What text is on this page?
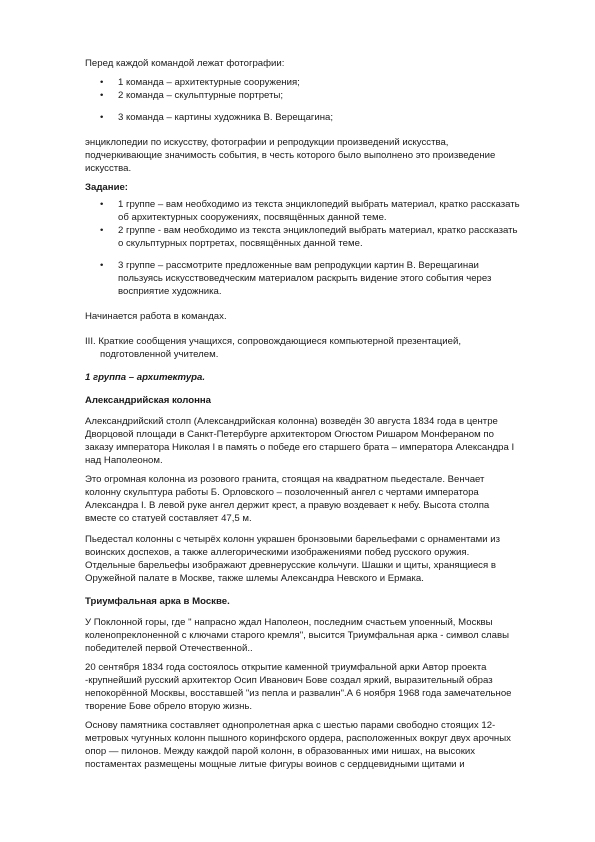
Перед каждой командой лежат фотографии:

• 1 команда – архитектурные сооружения;
• 2 команда – скульптурные портреты;
• 3 команда – картины художника В. Верещагина;

энциклопедии по искусству, фотографии и репродукции произведений искусства, подчеркивающие значимость события, в честь которого было выполнено это произведение искусства.

Задание:

• 1 группе – вам необходимо из текста энциклопедий выбрать материал, кратко рассказать об архитектурных сооружениях, посвящённых данной теме.
• 2 группе - вам необходимо из текста энциклопедий выбрать материал, кратко рассказать о скульптурных портретах, посвящённых данной теме.
• 3 группе – рассмотрите предложенные вам репродукции картин В. Верещагинаи пользуясь искусствоведческим материалом раскрыть видение этого события через восприятие художника.

Начинается работа в командах.

III. Краткие сообщения учащихся, сопровождающиеся компьютерной презентацией, подготовленной учителем.

1 группа – архитектура.

Александрийская колонна

Александрийский столп (Александрийская колонна) возведён 30 августа 1834 года в центре Дворцовой площади в Санкт-Петербурге архитектором Огюстом Ришаром Монфераном по заказу императора Николая I в память о победе его старшего брата – императора Александра I над Наполеоном.

Это огромная колонна из розового гранита, стоящая на квадратном пьедестале. Венчает колонну скульптура работы Б. Орловского – позолоченный ангел с чертами императора Александра I. В левой руке ангел держит крест, а правую воздевает к небу. Высота столпа вместе со статуей составляет 47,5 м.

Пьедестал колонны с четырёх колонн украшен бронзовыми барельефами с орнаментами из воинских доспехов, а также аллегорическими изображениями побед русского оружия. Отдельные барельефы изображают древнерусские кольчуги. Шашки и щиты, хранящиеся в Оружейной палате в Москве, также шлемы Александра Невского и Ермака.

Триумфальная арка в Москве.

У Поклонной горы, где " напрасно ждал Наполеон, последним счастьем упоенный, Москвы коленопреклоненной с ключами старого кремля", высится Триумфальная арка - символ славы победителей первой Отечественной..

20 сентября 1834 года состоялось открытие каменной триумфальной арки Автор проекта -крупнейший русский архитектор Осип Иванович Бове создал яркий, выразительный образ непокорённой Москвы, восставшей "из пепла и развалин".А 6 ноября 1968 года замечательное творение Бове обрело вторую жизнь.

Основу памятника составляет однопролетная арка с шестью парами свободно стоящих 12-метровых чугунных колонн пышного коринфского ордера, расположенных вокруг двух арочных опор — пилонов. Между каждой парой колонн, в образованных ими нишах, на высоких постаментах размещены мощные литые фигуры воинов с сердцевидными щитами и
